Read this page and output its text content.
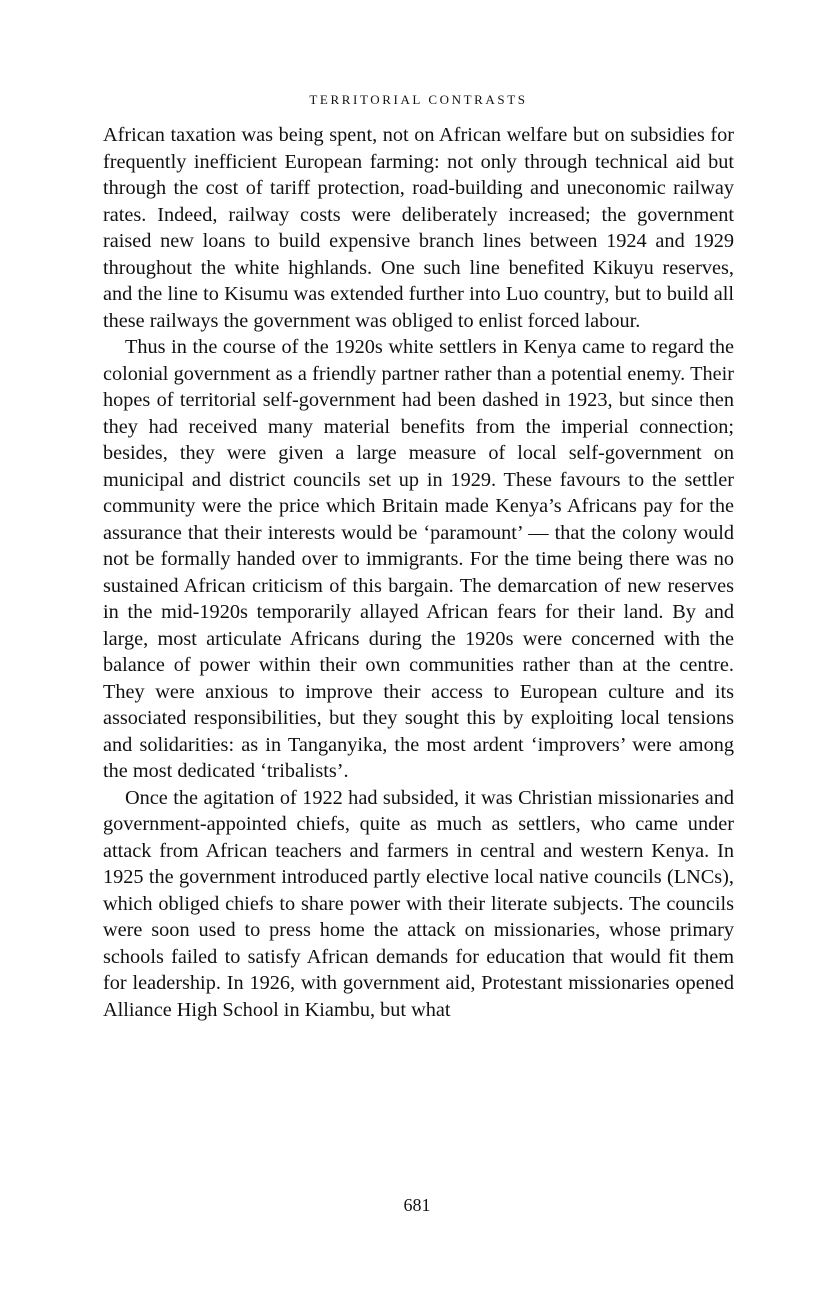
TERRITORIAL CONTRASTS

African taxation was being spent, not on African welfare but on subsidies for frequently inefficient European farming: not only through technical aid but through the cost of tariff protection, road-building and uneconomic railway rates. Indeed, railway costs were deliberately increased; the government raised new loans to build expensive branch lines between 1924 and 1929 throughout the white highlands. One such line benefited Kikuyu reserves, and the line to Kisumu was extended further into Luo country, but to build all these railways the government was obliged to enlist forced labour.

Thus in the course of the 1920s white settlers in Kenya came to regard the colonial government as a friendly partner rather than a potential enemy. Their hopes of territorial self-government had been dashed in 1923, but since then they had received many material benefits from the imperial connection; besides, they were given a large measure of local self-government on municipal and district councils set up in 1929. These favours to the settler community were the price which Britain made Kenya’s Africans pay for the assurance that their interests would be ‘paramount’ — that the colony would not be formally handed over to immigrants. For the time being there was no sustained African criticism of this bargain. The demarcation of new reserves in the mid-1920s temporarily allayed African fears for their land. By and large, most articulate Africans during the 1920s were concerned with the balance of power within their own communities rather than at the centre. They were anxious to improve their access to European culture and its associated responsibilities, but they sought this by exploiting local tensions and solidarities: as in Tanganyika, the most ardent ‘improvers’ were among the most dedicated ‘tribalists’.

Once the agitation of 1922 had subsided, it was Christian missionaries and government-appointed chiefs, quite as much as settlers, who came under attack from African teachers and farmers in central and western Kenya. In 1925 the government introduced partly elective local native councils (LNCs), which obliged chiefs to share power with their literate subjects. The councils were soon used to press home the attack on missionaries, whose primary schools failed to satisfy African demands for education that would fit them for leadership. In 1926, with government aid, Protestant missionaries opened Alliance High School in Kiambu, but what

681
